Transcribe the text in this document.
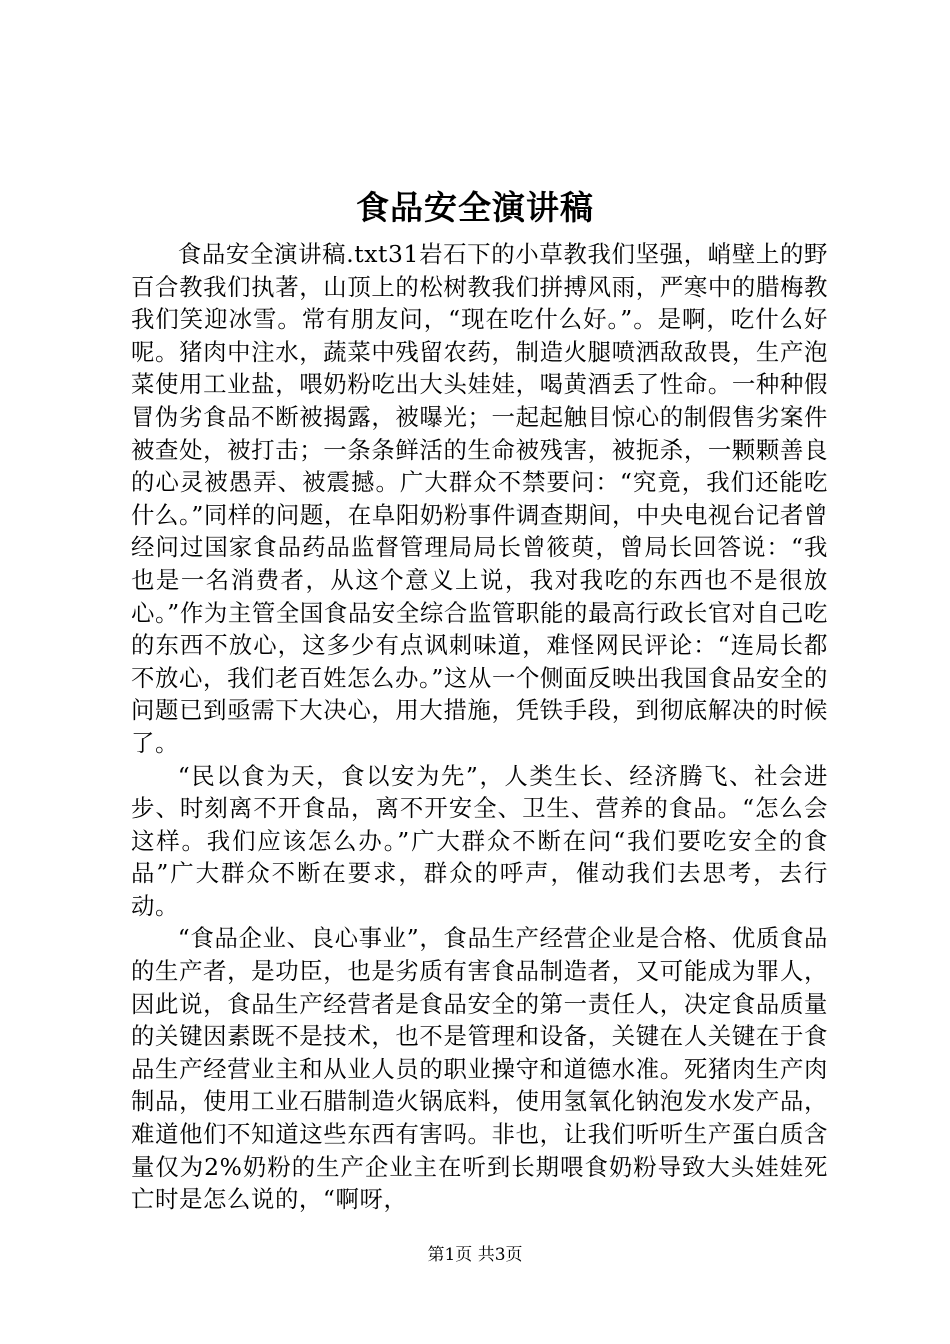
食品安全演讲稿

食品安全演讲稿.txt31岩石下的小草教我们坚强，峭壁上的野百合教我们执著，山顶上的松树教我们拼搏风雨，严寒中的腊梅教我们笑迎冰雪。常有朋友问，“现在吃什么好。”。是啊，吃什么好呢。猪肉中注水，蔬菜中残留农药，制造火腿喷洒敌敌畏，生产泡菜使用工业盐，喂奶粉吃出大头娃娃，喝黄酒丢了性命。一种种假冒伪劣食品不断被揭露，被曝光；一起起触目惊心的制假售劣案件被查处，被打击；一条条鲜活的生命被残害，被扼杀，一颗颗善良的心灵被愚弄、被震撼。广大群众不禁要问：“究竟，我们还能吃什么。”同样的问题，在阜阳奶粉事件调查期间，中央电视台记者曾经问过国家食品药品监督管理局局长曾筱萸，曾局长回答说：“我也是一名消费者，从这个意义上说，我对我吃的东西也不是很放心。”作为主管全国食品安全综合监管职能的最高行政长官对自己吃的东西不放心，这多少有点讽刺味道，难怪网民评论：“连局长都不放心，我们老百姓怎么办。”这从一个侧面反映出我国食品安全的问题已到亟需下大决心，用大措施，凭铁手段，到彻底解决的时候了。

“民以食为天，食以安为先”，人类生长、经济腾飞、社会进步、时刻离不开食品，离不开安全、卫生、营养的食品。“怎么会这样。我们应该怎么办。”广大群众不断在问“我们要吃安全的食品”广大群众不断在要求，群众的呼声，催动我们去思考，去行动。

“食品企业、良心事业”，食品生产经营企业是合格、优质食品的生产者，是功臣，也是劣质有害食品制造者，又可能成为罪人，因此说，食品生产经营者是食品安全的第一责任人，决定食品质量的关键因素既不是技术，也不是管理和设备，关键在人关键在于食品生产经营业主和从业人员的职业操守和道德水准。死猪肉生产肉制品，使用工业石腊制造火锅底料，使用氢氧化钠泡发水发产品，难道他们不知道这些东西有害吗。非也，让我们听听生产蛋白质含量仅为2%奶粉的生产企业主在听到长期喂食奶粉导致大头娃娃死亡时是怎么说的，“啊呀，

第1页 共3页
